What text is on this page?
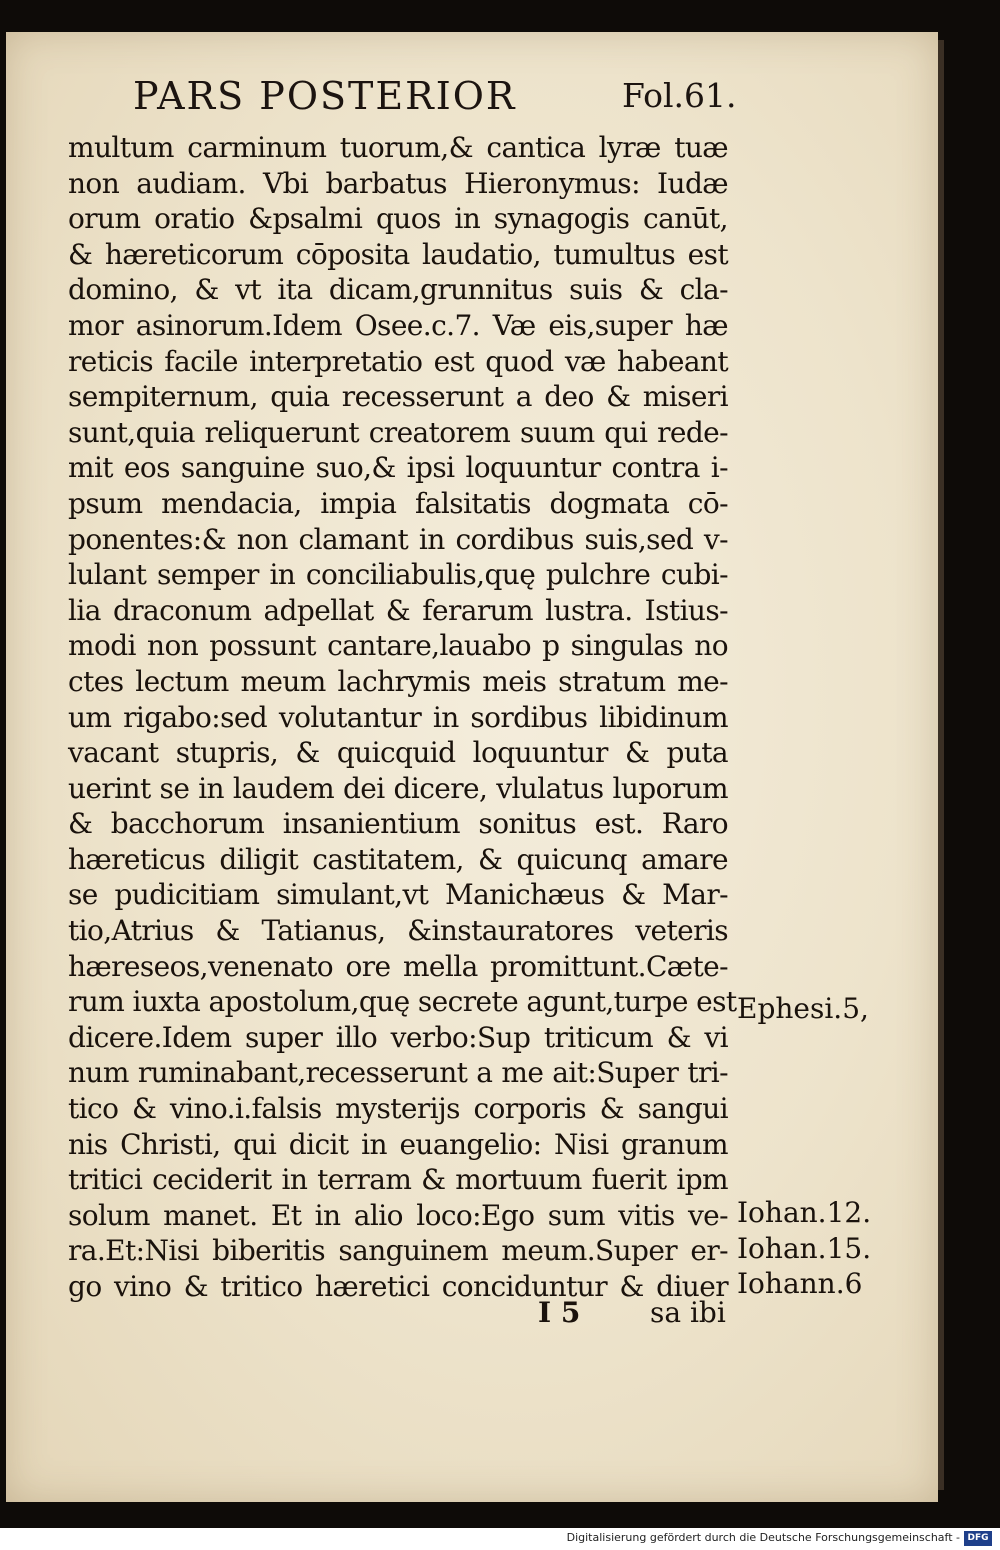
PARS POSTERIOR	Fol.61.
multum carminum tuorum,& cantica lyræ tuæ
non audiam. Vbi barbatus Hieronymus: Iudæ
orum oratio &psalmi quos in synagogis canūt,
& hæreticorum cōposita laudatio, tumultus est
domino, & vt ita dicam,grunnitus suis & cla-
mor asinorum.Idem Osee.c.7. Væ eis,super hæ
reticis facile interpretatio est quod væ habeant
sempiternum, quia recesserunt a deo & miseri
sunt,quia reliquerunt creatorem suum qui rede-
mit eos sanguine suo,& ipsi loquuntur contra i-
psum mendacia, impia falsitatis dogmata cō-
ponentes:& non clamant in cordibus suis,sed v-
lulant semper in conciliabulis,quę pulchre cubi-
lia draconum adpellat & ferarum lustra. Istius-
modi non possunt cantare,lauabo p singulas no
ctes lectum meum lachrymis meis stratum me-
um rigabo:sed volutantur in sordibus libidinum
vacant stupris, & quicquid loquuntur & puta
uerint se in laudem dei dicere, vlulatus luporum
& bacchorum insanientium sonitus est. Raro
hæreticus diligit castitatem, & quicunq amare
se pudicitiam simulant,vt Manichæus & Mar-
tio,Atrius & Tatianus, &instauratores veteris
hæreseos,venenato ore mella promittunt.Cæte-
rum iuxta apostolum,quę secrete agunt,turpe est
dicere.Idem super illo verbo:Sup triticum & vi
num ruminabant,recesserunt a me ait:Super tri-
tico & vino.i.falsis mysterijs corporis & sangui
nis Christi, qui dicit in euangelio: Nisi granum
tritici ceciderit in terram & mortuum fuerit ipm
solum manet. Et in alio loco:Ego sum vitis ve-
ra.Et:Nisi biberitis sanguinem meum.Super er-
go vino & tritico hæretici conciduntur & diuer
Ephesi.5,
Iohan.12.
Iohan.15.
Iohann.6
I 5 sa ibi
Digitalisierung gefördert durch die Deutsche Forschungsgemeinschaft - DFG
